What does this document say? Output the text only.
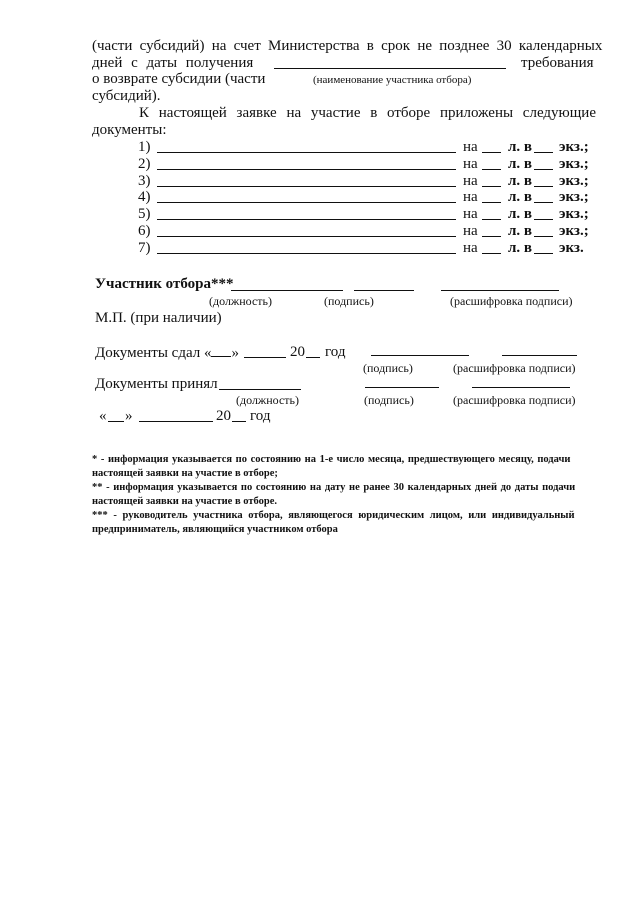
(части субсидий) на счет Министерства в срок не позднее 30 календарных
дней с даты получения	требования
о возврате субсидии (части	(наименование участника отбора)
субсидий).
К настоящей заявке на участие в отборе приложены следующие
документы:
1)	на л. в экз.;
2)	на л. в экз.;
3)	на л. в экз.;
4)	на л. в экз.;
5)	на л. в экз.;
6)	на л. в экз.;
7)	на л. в экз.
Участник отбора***
(должность)	(подпись)	(расшифровка подписи)
М.П. (при наличии)
Документы сдал « »	20 год
(подпись)	(расшифровка подписи)
Документы принял
(должность)	(подпись)	(расшифровка подписи)
« »	20 год
* - информация указывается по состоянию на 1-е число месяца, предшествующего месяцу, подачи
настоящей заявки на участие в отборе;
** - информация указывается по состоянию на дату не ранее 30 календарных дней до даты подачи
настоящей заявки на участие в отборе.
*** - руководитель участника отбора, являющегося юридическим лицом, или индивидуальный
предприниматель, являющийся участником отбора
